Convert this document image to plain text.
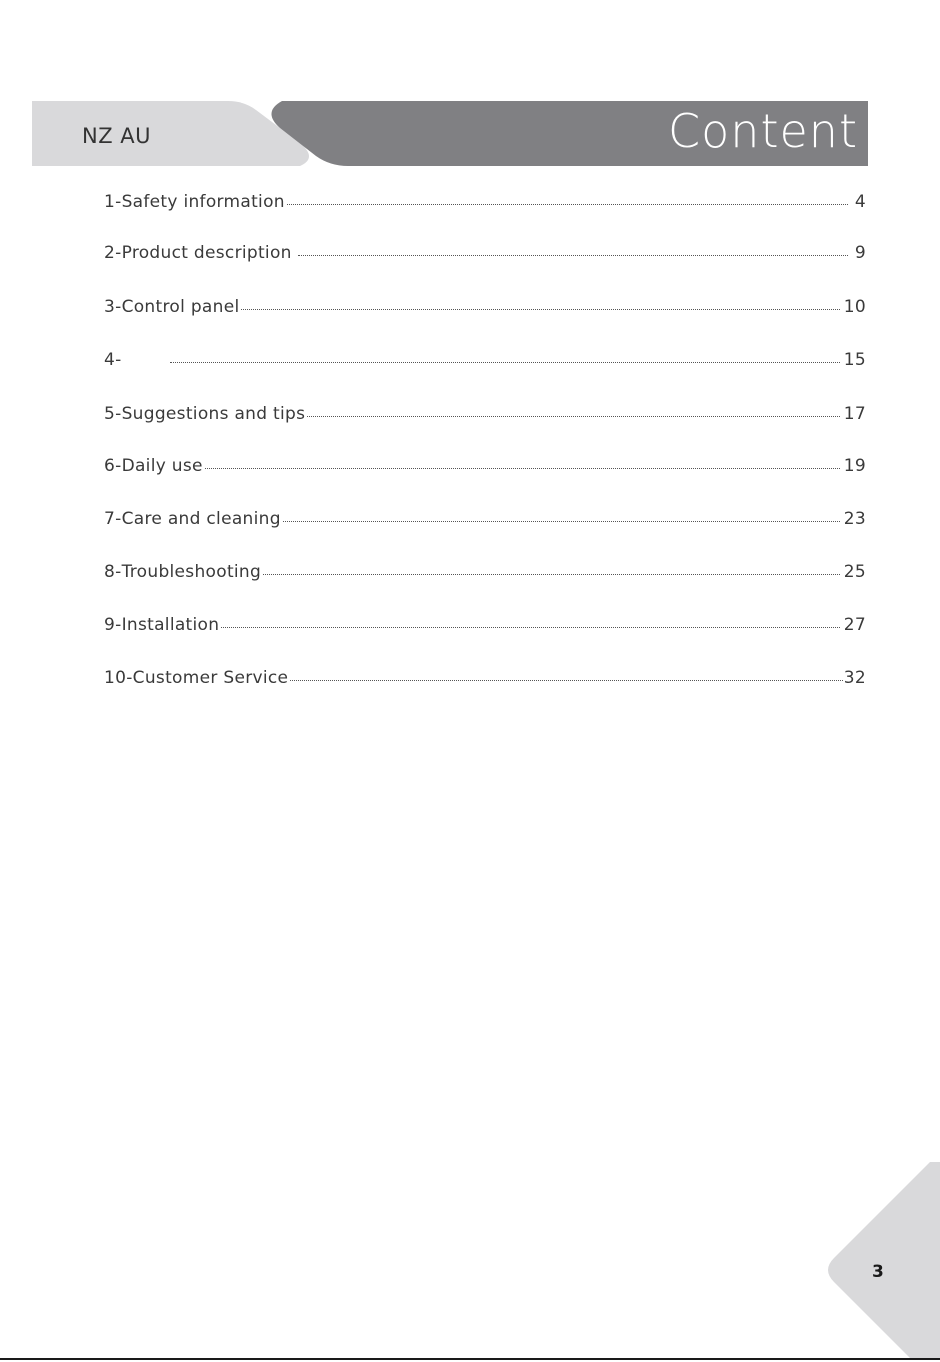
NZ AU	Content
1- Safety information	4
2- Product description	9
3- Control panel	10
4-	15
5- Suggestions and tips	17
6- Daily use	19
7- Care and cleaning	23
8- Troubleshooting	25
9- Installation	27
10- Customer Service	32
3
